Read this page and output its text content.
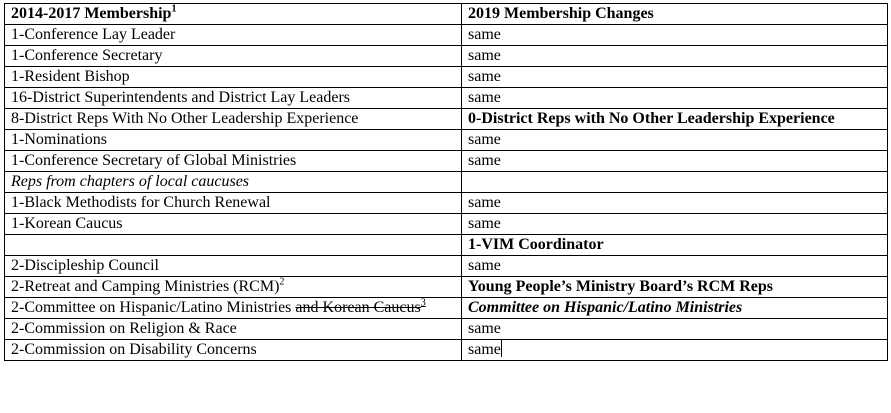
2014-2017 Membership$^1$	2019 Membership Changes
1-Conference Lay Leader	same
1-Conference Secretary	same
1-Resident Bishop	same
16-District Superintendents and District Lay Leaders	same
8-District Reps With No Other Leadership Experience	0-District Reps with No Other Leadership Experience
1-Nominations	same
1-Conference Secretary of Global Ministries	same
Reps from chapters of local caucuses	
1-Black Methodists for Church Renewal	same
1-Korean Caucus	same
	1-VIM Coordinator
2-Discipleship Council	same
2-Retreat and Camping Ministries (RCM)$^2$	Young People’s Ministry Board’s RCM Reps
2-Committee on Hispanic/Latino Ministries and Korean Caucus$^3$	Committee on Hispanic/Latino Ministries
2-Commission on Religion & Race	same
2-Commission on Disability Concerns	same
